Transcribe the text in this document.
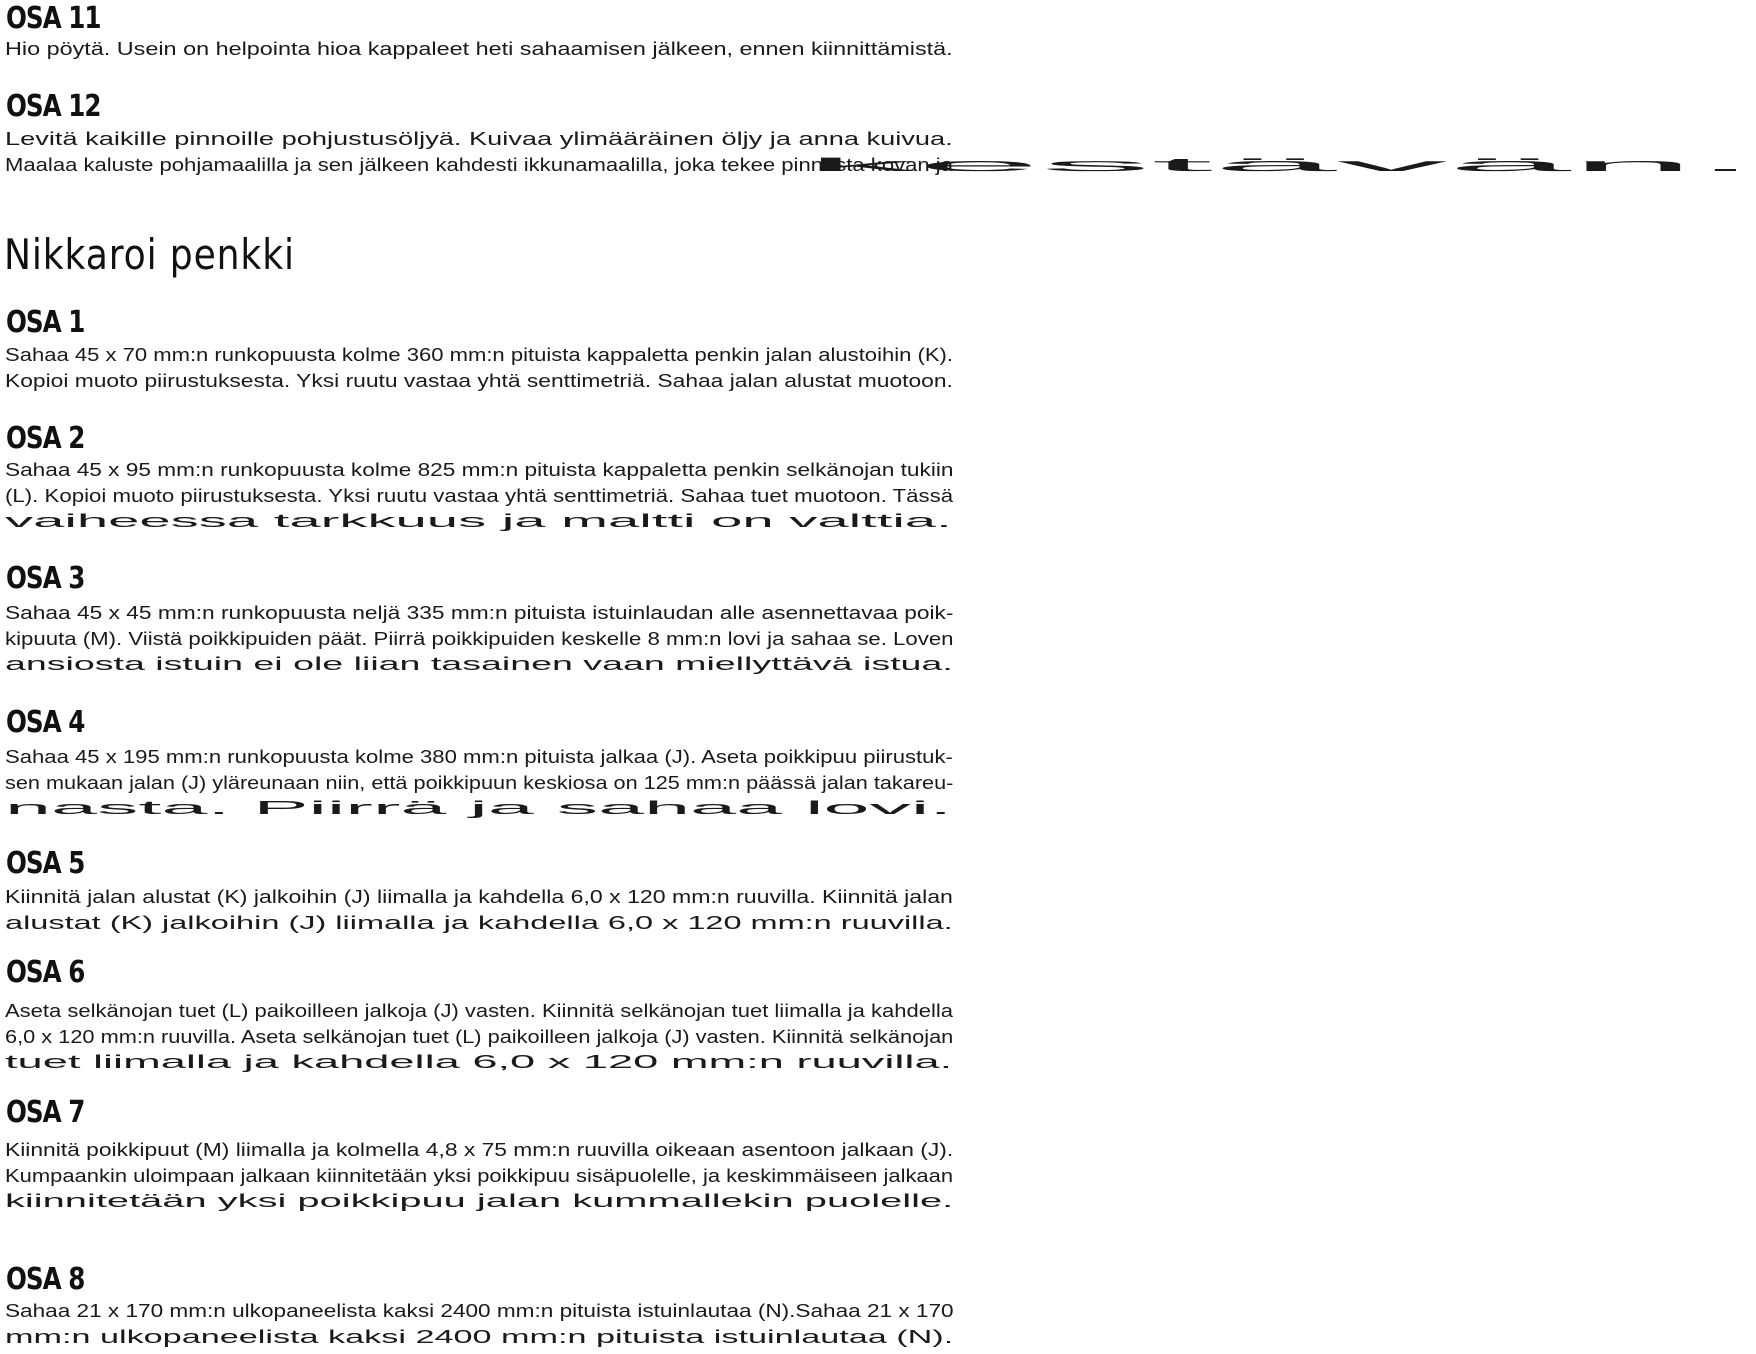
OSA 11

Hio pöytä. Usein on helpointa hioa kappaleet heti sahaamisen jälkeen, ennen kiinnittämistä.

OSA 12

Levitä kaikille pinnoille pohjustusöljyä. Kuivaa ylimääräinen öljy ja anna kuivua. Maalaa kaluste pohjamaalilla ja sen jälkeen kahdesti ikkunamaalilla, joka tekee pinnasta kovan ja kestävän.

Nikkaroi penkki
OSA 1

Sahaa 45 x 70 mm:n runkopuusta kolme 360 mm:n pituista kappaletta penkin jalan alustoihin (K). Kopioi muoto piirustuksesta. Yksi ruutu vastaa yhtä senttimetriä. Sahaa jalan alustat muotoon.

OSA 2

Sahaa 45 x 95 mm:n runkopuusta kolme 825 mm:n pituista kappaletta penkin selkänojan tukiin (L). Kopioi muoto piirustuksesta. Yksi ruutu vastaa yhtä senttimetriä. Sahaa tuet muotoon. Tässä vaiheessa tarkkuus ja maltti on valttia.

OSA 3

Sahaa 45 x 45 mm:n runkopuusta neljä 335 mm:n pituista istuinlaudan alle asennettavaa poik- kipuuta (M). Viistä poikkipuiden päät. Piirrä poikkipuiden keskelle 8 mm:n lovi ja sahaa se. Loven ansiosta istuin ei ole liian tasainen vaan miellyttävä istua.

OSA 4

Sahaa 45 x 195 mm:n runkopuusta kolme 380 mm:n pituista jalkaa (J). Aseta poikkipuu piirustuk- sen mukaan jalan (J) yläreunaan niin, että poikkipuun keskiosa on 125 mm:n päässä jalan takareu- nasta. Piirrä ja sahaa lovi.

OSA 5

Kiinnitä jalan alustat (K) jalkoihin (J) liimalla ja kahdella 6,0 x 120 mm:n ruuvilla. Kiinnitä jalan alustat (K) jalkoihin (J) liimalla ja kahdella 6,0 x 120 mm:n ruuvilla.

OSA 6

Aseta selkänojan tuet (L) paikoilleen jalkoja (J) vasten. Kiinnitä selkänojan tuet liimalla ja kahdella 6,0 x 120 mm:n ruuvilla. Aseta selkänojan tuet (L) paikoilleen jalkoja (J) vasten. Kiinnitä selkänojan tuet liimalla ja kahdella 6,0 x 120 mm:n ruuvilla.

OSA 7

Kiinnitä poikkipuut (M) liimalla ja kolmella 4,8 x 75 mm:n ruuvilla oikeaan asentoon jalkaan (J). Kumpaankin uloimpaan jalkaan kiinnitetään yksi poikkipuu sisäpuolelle, ja keskimmäiseen jalkaan kiinnitetään yksi poikkipuu jalan kummallekin puolelle.

OSA 8

Sahaa 21 x 170 mm:n ulkopaneelista kaksi 2400 mm:n pituista istuinlautaa (N).Sahaa 21 x 170 mm:n ulkopaneelista kaksi 2400 mm:n pituista istuinlautaa (N).
